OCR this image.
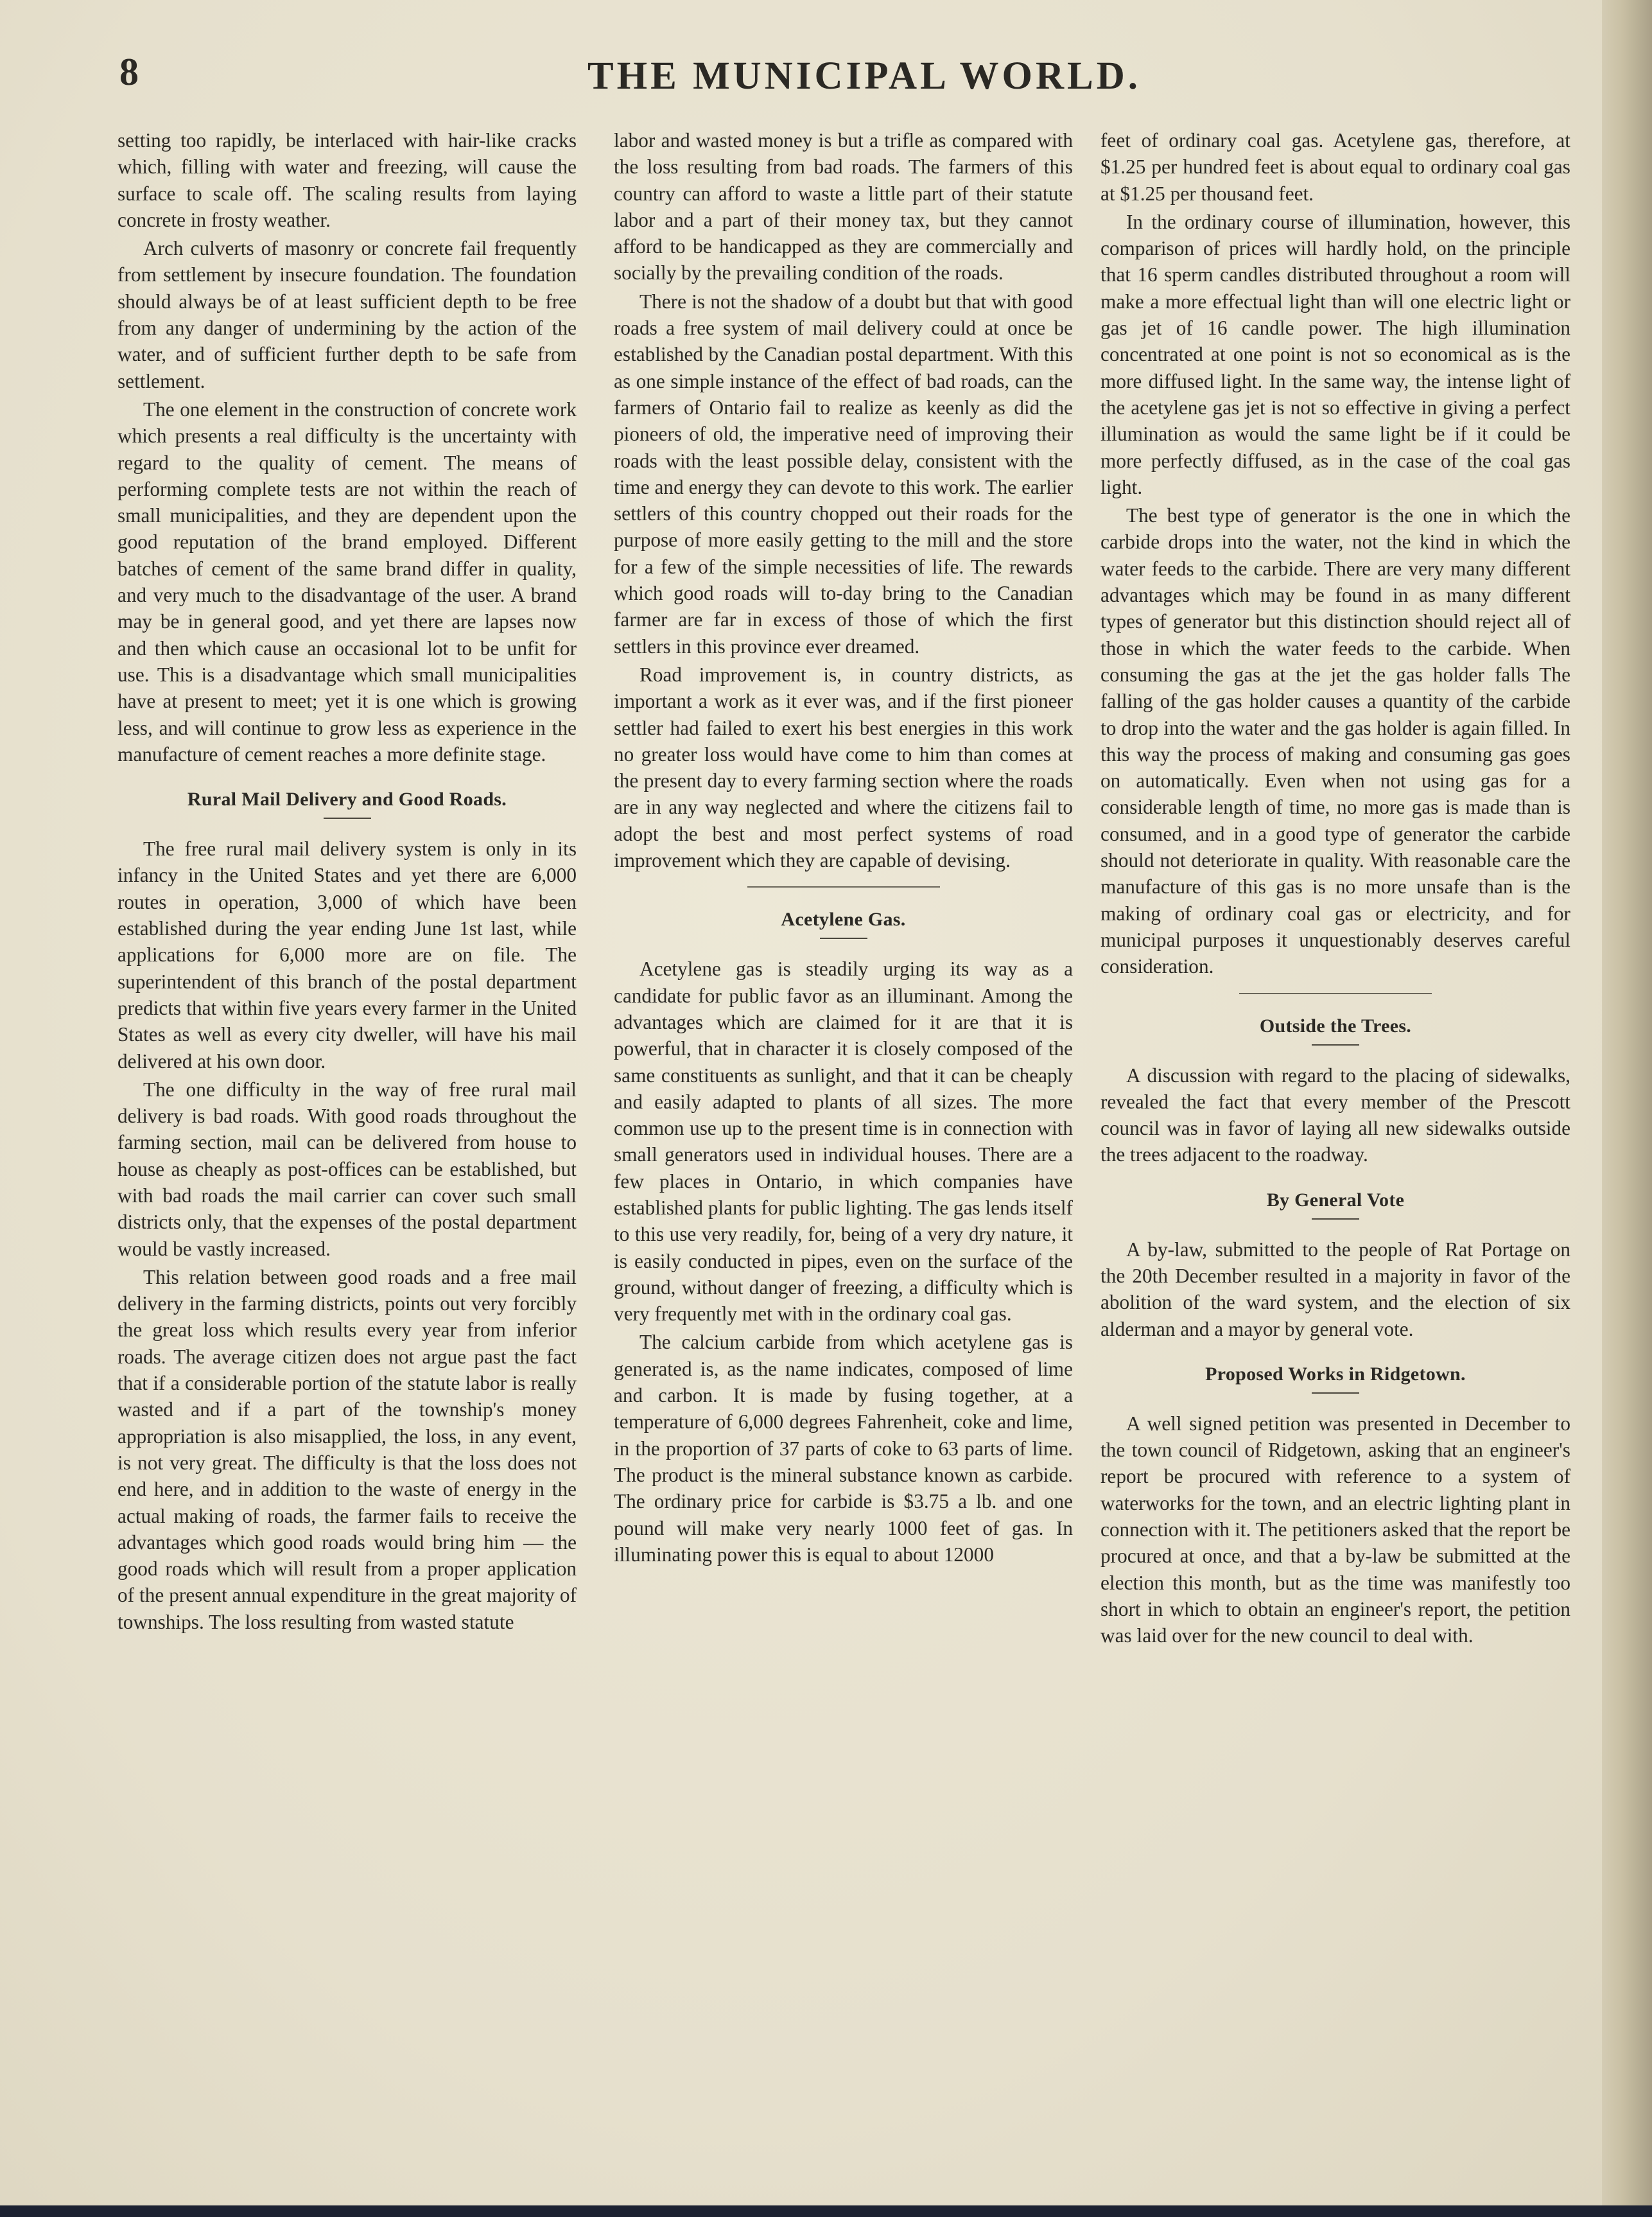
8	THE MUNICIPAL WORLD.

setting too rapidly, be interlaced with hair-like cracks which, filling with water and freezing, will cause the surface to scale off. The scaling results from laying concrete in frosty weather.

Arch culverts of masonry or concrete fail frequently from settlement by insecure foundation. The foundation should always be of at least sufficient depth to be free from any danger of undermining by the action of the water, and of sufficient further depth to be safe from settlement.

The one element in the construction of concrete work which presents a real difficulty is the uncertainty with regard to the quality of cement. The means of performing complete tests are not within the reach of small municipalities, and they are dependent upon the good reputation of the brand employed. Different batches of cement of the same brand differ in quality, and very much to the disadvantage of the user. A brand may be in general good, and yet there are lapses now and then which cause an occasional lot to be unfit for use. This is a disadvantage which small municipalities have at present to meet; yet it is one which is growing less, and will continue to grow less as experience in the manufacture of cement reaches a more definite stage.

Rural Mail Delivery and Good Roads.

The free rural mail delivery system is only in its infancy in the United States and yet there are 6,000 routes in operation, 3,000 of which have been established during the year ending June 1st last, while applications for 6,000 more are on file. The superintendent of this branch of the postal department predicts that within five years every farmer in the United States as well as every city dweller, will have his mail delivered at his own door.

The one difficulty in the way of free rural mail delivery is bad roads. With good roads throughout the farming section, mail can be delivered from house to house as cheaply as post-offices can be established, but with bad roads the mail carrier can cover such small districts only, that the expenses of the postal department would be vastly increased.

This relation between good roads and a free mail delivery in the farming districts, points out very forcibly the great loss which results every year from inferior roads. The average citizen does not argue past the fact that if a considerable portion of the statute labor is really wasted and if a part of the township's money appropriation is also misapplied, the loss, in any event, is not very great. The difficulty is that the loss does not end here, and in addition to the waste of energy in the actual making of roads, the farmer fails to receive the advantages which good roads would bring him — the good roads which will result from a proper application of the present annual expenditure in the great majority of townships. The loss resulting from wasted statute

labor and wasted money is but a trifle as compared with the loss resulting from bad roads. The farmers of this country can afford to waste a little part of their statute labor and a part of their money tax, but they cannot afford to be handicapped as they are commercially and socially by the prevailing condition of the roads.

There is not the shadow of a doubt but that with good roads a free system of mail delivery could at once be established by the Canadian postal department. With this as one simple instance of the effect of bad roads, can the farmers of Ontario fail to realize as keenly as did the pioneers of old, the imperative need of improving their roads with the least possible delay, consistent with the time and energy they can devote to this work. The earlier settlers of this country chopped out their roads for the purpose of more easily getting to the mill and the store for a few of the simple necessities of life. The rewards which good roads will to-day bring to the Canadian farmer are far in excess of those of which the first settlers in this province ever dreamed.

Road improvement is, in country districts, as important a work as it ever was, and if the first pioneer settler had failed to exert his best energies in this work no greater loss would have come to him than comes at the present day to every farming section where the roads are in any way neglected and where the citizens fail to adopt the best and most perfect systems of road improvement which they are capable of devising.

Acetylene Gas.

Acetylene gas is steadily urging its way as a candidate for public favor as an illuminant. Among the advantages which are claimed for it are that it is powerful, that in character it is closely composed of the same constituents as sunlight, and that it can be cheaply and easily adapted to plants of all sizes. The more common use up to the present time is in connection with small generators used in individual houses. There are a few places in Ontario, in which companies have established plants for public lighting. The gas lends itself to this use very readily, for, being of a very dry nature, it is easily conducted in pipes, even on the surface of the ground, without danger of freezing, a difficulty which is very frequently met with in the ordinary coal gas.

The calcium carbide from which acetylene gas is generated is, as the name indicates, composed of lime and carbon. It is made by fusing together, at a temperature of 6,000 degrees Fahrenheit, coke and lime, in the proportion of 37 parts of coke to 63 parts of lime. The product is the mineral substance known as carbide. The ordinary price for carbide is $3.75 a lb. and one pound will make very nearly 1000 feet of gas. In illuminating power this is equal to about 12000

feet of ordinary coal gas. Acetylene gas, therefore, at $1.25 per hundred feet is about equal to ordinary coal gas at $1.25 per thousand feet.

In the ordinary course of illumination, however, this comparison of prices will hardly hold, on the principle that 16 sperm candles distributed throughout a room will make a more effectual light than will one electric light or gas jet of 16 candle power. The high illumination concentrated at one point is not so economical as is the more diffused light. In the same way, the intense light of the acetylene gas jet is not so effective in giving a perfect illumination as would the same light be if it could be more perfectly diffused, as in the case of the coal gas light.

The best type of generator is the one in which the carbide drops into the water, not the kind in which the water feeds to the carbide. There are very many different advantages which may be found in as many different types of generator but this distinction should reject all of those in which the water feeds to the carbide. When consuming the gas at the jet the gas holder falls The falling of the gas holder causes a quantity of the carbide to drop into the water and the gas holder is again filled. In this way the process of making and consuming gas goes on automatically. Even when not using gas for a considerable length of time, no more gas is made than is consumed, and in a good type of generator the carbide should not deteriorate in quality. With reasonable care the manufacture of this gas is no more unsafe than is the making of ordinary coal gas or electricity, and for municipal purposes it unquestionably deserves careful consideration.

Outside the Trees.

A discussion with regard to the placing of sidewalks, revealed the fact that every member of the Prescott council was in favor of laying all new sidewalks outside the trees adjacent to the roadway.

By General Vote

A by-law, submitted to the people of Rat Portage on the 20th December resulted in a majority in favor of the abolition of the ward system, and the election of six alderman and a mayor by general vote.

Proposed Works in Ridgetown.

A well signed petition was presented in December to the town council of Ridgetown, asking that an engineer's report be procured with reference to a system of waterworks for the town, and an electric lighting plant in connection with it. The petitioners asked that the report be procured at once, and that a by-law be submitted at the election this month, but as the time was manifestly too short in which to obtain an engineer's report, the petition was laid over for the new council to deal with.
